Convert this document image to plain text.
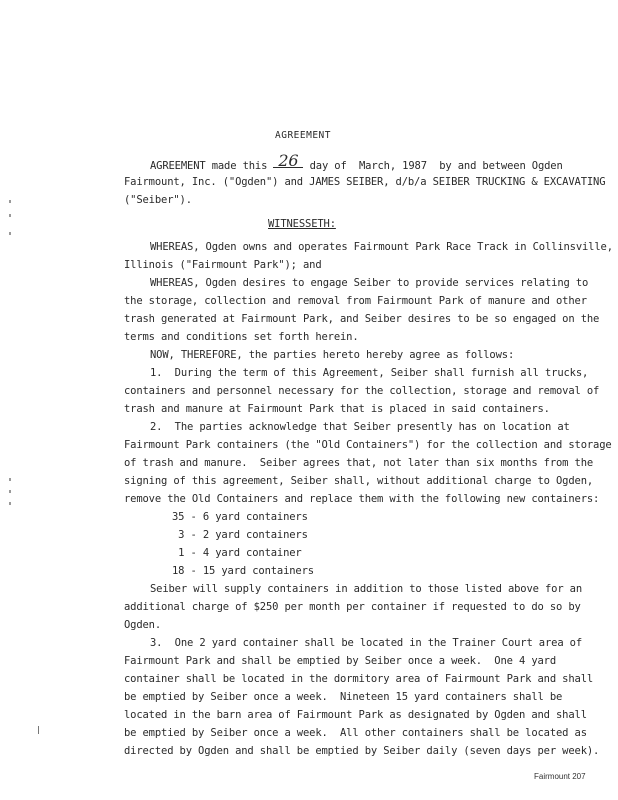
AGREEMENT
AGREEMENT made this 26 day of  March, 1987  by and between Ogden
Fairmount, Inc. ("Ogden") and JAMES SEIBER, d/b/a SEIBER TRUCKING & EXCAVATING
("Seiber").
WITNESSETH:
WHEREAS, Ogden owns and operates Fairmount Park Race Track in Collinsville,
Illinois ("Fairmount Park"); and
WHEREAS, Ogden desires to engage Seiber to provide services relating to
the storage, collection and removal from Fairmount Park of manure and other
trash generated at Fairmount Park, and Seiber desires to be so engaged on the
terms and conditions set forth herein.
NOW, THEREFORE, the parties hereto hereby agree as follows:
1.  During the term of this Agreement, Seiber shall furnish all trucks,
containers and personnel necessary for the collection, storage and removal of
trash and manure at Fairmount Park that is placed in said containers.
2.  The parties acknowledge that Seiber presently has on location at
Fairmount Park containers (the "Old Containers") for the collection and storage
of trash and manure.  Seiber agrees that, not later than six months from the
signing of this agreement, Seiber shall, without additional charge to Ogden,
remove the Old Containers and replace them with the following new containers:
35 - 6 yard containers
3 - 2 yard containers
1 - 4 yard container
18 - 15 yard containers
Seiber will supply containers in addition to those listed above for an
additional charge of $250 per month per container if requested to do so by
Ogden.
3.  One 2 yard container shall be located in the Trainer Court area of
Fairmount Park and shall be emptied by Seiber once a week.  One 4 yard
container shall be located in the dormitory area of Fairmount Park and shall
be emptied by Seiber once a week.  Nineteen 15 yard containers shall be
located in the barn area of Fairmount Park as designated by Ogden and shall
be emptied by Seiber once a week.  All other containers shall be located as
directed by Ogden and shall be emptied by Seiber daily (seven days per week).
Fairmount 207
